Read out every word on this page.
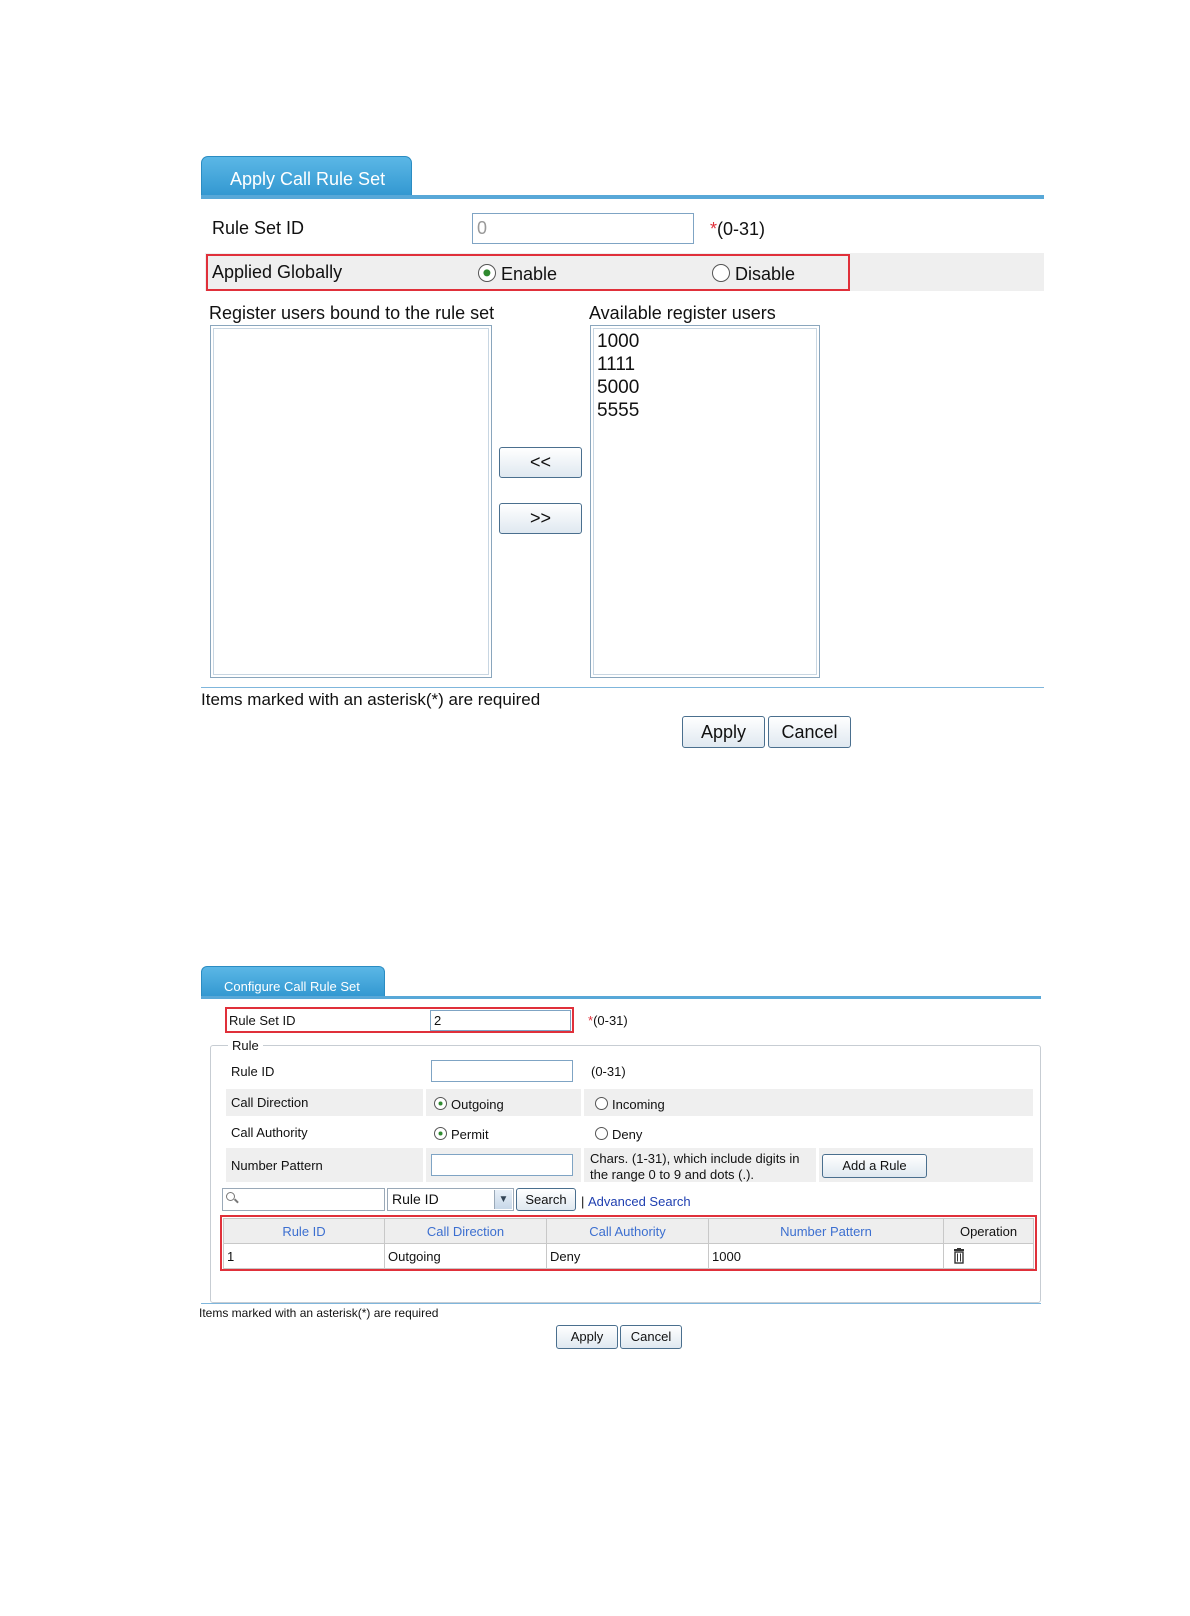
Apply Call Rule Set
Rule Set ID	0	*(0-31)
Applied Globally	Enable	Disable
Register users bound to the rule set	Available register users
<<
>>
1000
1111
5000
5555
Items marked with an asterisk(*) are required
Apply	Cancel
Configure Call Rule Set
Rule Set ID	2	*(0-31)
Rule
Rule ID	(0-31)
Call Direction	Outgoing	Incoming
Call Authority	Permit	Deny
Number Pattern	Chars. (1-31), which include digits in
the range 0 to 9 and dots (.).
Add a Rule
Rule ID	▼	Search	| Advanced Search
Rule ID	Call Direction	Call Authority	Number Pattern	Operation
1	Outgoing	Deny	1000	
Items marked with an asterisk(*) are required
Apply	Cancel
